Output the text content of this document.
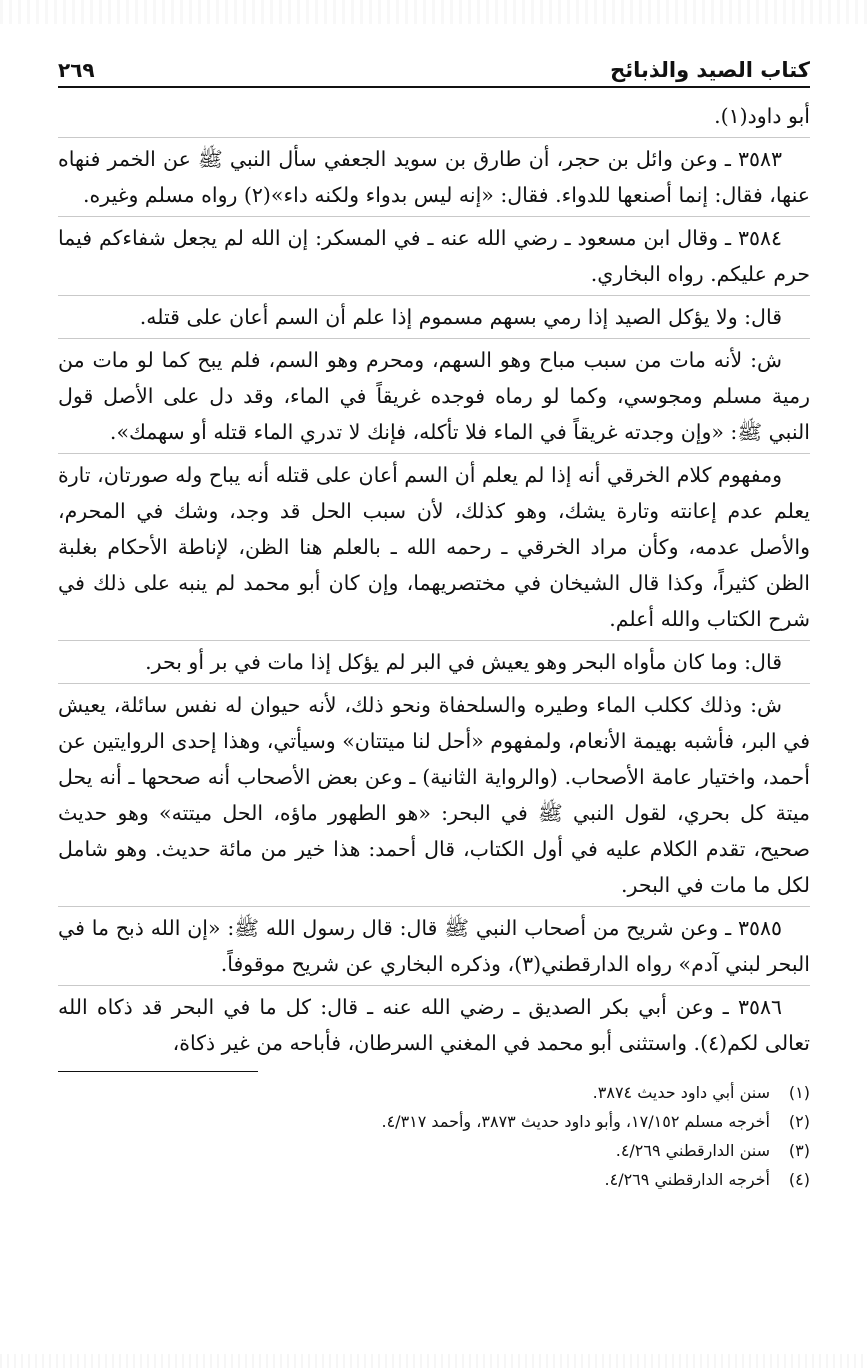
كتاب الصيد والذبائح
٢٦٩

أبو داود(١).

٣٥٨٣ ـ وعن وائل بن حجر، أن طارق بن سويد الجعفي سأل النبي ﷺ عن الخمر فنهاه عنها، فقال: إنما أصنعها للدواء. فقال: «إنه ليس بدواء ولكنه داء»(٢) رواه مسلم وغيره.

٣٥٨٤ ـ وقال ابن مسعود ـ رضي الله عنه ـ في المسكر: إن الله لم يجعل شفاءكم فيما حرم عليكم. رواه البخاري.

قال: ولا يؤكل الصيد إذا رمي بسهم مسموم إذا علم أن السم أعان على قتله.

ش: لأنه مات من سبب مباح وهو السهم، ومحرم وهو السم، فلم يبح كما لو مات من رمية مسلم ومجوسي، وكما لو رماه فوجده غريقاً في الماء، وقد دل على الأصل قول النبي ﷺ: «وإن وجدته غريقاً في الماء فلا تأكله، فإنك لا تدري الماء قتله أو سهمك».

ومفهوم كلام الخرقي أنه إذا لم يعلم أن السم أعان على قتله أنه يباح وله صورتان، تارة يعلم عدم إعانته وتارة يشك، وهو كذلك، لأن سبب الحل قد وجد، وشك في المحرم، والأصل عدمه، وكأن مراد الخرقي ـ رحمه الله ـ بالعلم هنا الظن، لإناطة الأحكام بغلبة الظن كثيراً، وكذا قال الشيخان في مختصريهما، وإن كان أبو محمد لم ينبه على ذلك في شرح الكتاب والله أعلم.

قال: وما كان مأواه البحر وهو يعيش في البر لم يؤكل إذا مات في بر أو بحر.

ش: وذلك ككلب الماء وطيره والسلحفاة ونحو ذلك، لأنه حيوان له نفس سائلة، يعيش في البر، فأشبه بهيمة الأنعام، ولمفهوم «أحل لنا ميتتان» وسيأتي، وهذا إحدى الروايتين عن أحمد، واختيار عامة الأصحاب. (والرواية الثانية) ـ وعن بعض الأصحاب أنه صححها ـ أنه يحل ميتة كل بحري، لقول النبي ﷺ في البحر: «هو الطهور ماؤه، الحل ميتته» وهو حديث صحيح، تقدم الكلام عليه في أول الكتاب، قال أحمد: هذا خير من مائة حديث. وهو شامل لكل ما مات في البحر.

٣٥٨٥ ـ وعن شريح من أصحاب النبي ﷺ قال: قال رسول الله ﷺ: «إن الله ذبح ما في البحر لبني آدم» رواه الدارقطني(٣)، وذكره البخاري عن شريح موقوفاً.

٣٥٨٦ ـ وعن أبي بكر الصديق ـ رضي الله عنه ـ قال: كل ما في البحر قد ذكاه الله تعالى لكم(٤). واستثنى أبو محمد في المغني السرطان، فأباحه من غير ذكاة،

(١)
سنن أبي داود حديث ٣٨٧٤.
(٢)
أخرجه مسلم ١٧/١٥٢، وأبو داود حديث ٣٨٧٣، وأحمد ٤/٣١٧.
(٣)
سنن الدارقطني ٤/٢٦٩.
(٤)
أخرجه الدارقطني ٤/٢٦٩.
